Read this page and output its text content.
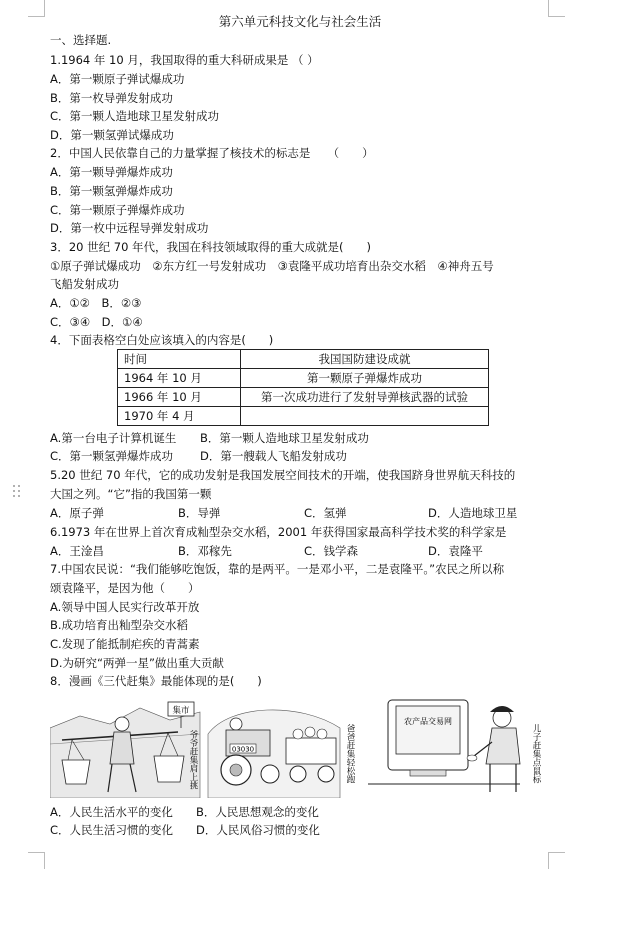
第六单元科技文化与社会生活
一、选择题.
1.1964 年 10 月，我国取得的重大科研成果是 （ ）
A．第一颗原子弹试爆成功
B．第一枚导弹发射成功
C．第一颗人造地球卫星发射成功
D．第一颗氢弹试爆成功
2．中国人民依靠自己的力量掌握了核技术的标志是　　（　　）
A．第一颗导弹爆炸成功
B．第一颗氢弹爆炸成功
C．第一颗原子弹爆炸成功
D．第一枚中远程导弹发射成功
3．20 世纪 70 年代，我国在科技领域取得的重大成就是(　　)
①原子弹试爆成功　②东方红一号发射成功　③袁隆平成功培育出杂交水稻　④神舟五号
飞船发射成功
A．①②　B．②③
C．③④　D．①④
4．下面表格空白处应该填入的内容是(　　)
时间	我国国防建设成就
1964 年 10 月	第一颗原子弹爆炸成功
1966 年 10 月	第一次成功进行了发射导弹核武器的试验
1970 年 4 月	
A.第一台电子计算机诞生 B．第一颗人造地球卫星发射成功
C．第一颗氢弹爆炸成功 D．第一艘载人飞船发射成功
5.20 世纪 70 年代，它的成功发射是我国发展空间技术的开端，使我国跻身世界航天科技的
大国之列。“它”指的我国第一颗
A．原子弹	B．导弹	C．氢弹	D．人造地球卫星
6.1973 年在世界上首次育成籼型杂交水稻，2001 年获得国家最高科学技术奖的科学家是
A．王淦昌	B．邓稼先	C．钱学森	D．袁隆平
7.中国农民说：“我们能够吃饱饭，靠的是两平。一是邓小平，二是袁隆平。”农民之所以称
颂袁隆平，是因为他（　　）
A.领导中国人民实行改革开放
B.成功培育出籼型杂交水稻
C.发现了能抵制疟疾的青蒿素
D.为研究“两弹一星”做出重大贡献
8．漫画《三代赶集》最能体现的是(　　)
集市
爷爷赶集肩上挑	03030	爸爸赶集轻松跑
农产品交易网
儿子赶集点鼠标
A．人民生活水平的变化 B．人民思想观念的变化
C．人民生活习惯的变化 D．人民风俗习惯的变化
